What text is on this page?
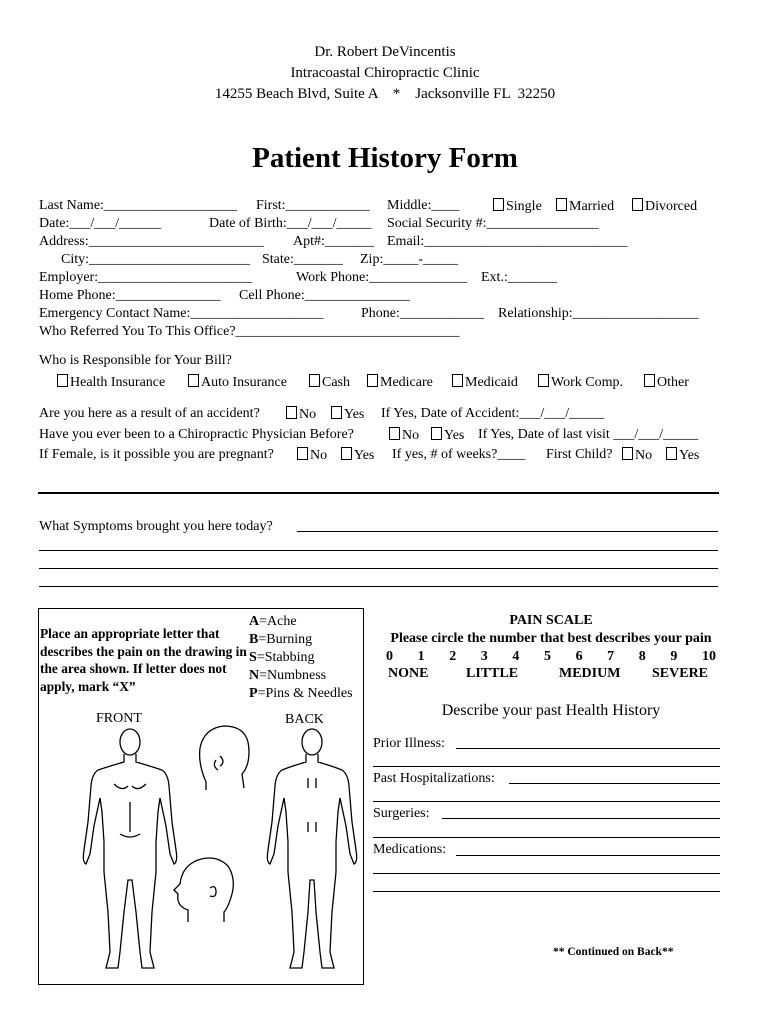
Dr. Robert DeVincentis
Intracoastal Chiropractic Clinic
14255 Beach Blvd, Suite A    *    Jacksonville FL  32250
Patient History Form
Last Name:___________________ First:____________ Middle:____	Single	Married	Divorced
Date:___/___/______	Date of Birth:___/___/_____ Social Security #:________________
Address:_________________________ Apt#:_______ Email:_____________________________
City:_______________________ State:_______ Zip:_____-_____
Employer:______________________	Work Phone:______________ Ext.:_______
Home Phone:_______________ Cell Phone:_______________
Emergency Contact Name:___________________	Phone:____________ Relationship:__________________
Who Referred You To This Office?________________________________
Who is Responsible for Your Bill?
Health Insurance	Auto Insurance	Cash	Medicare	Medicaid	Work Comp.	Other
Are you here as a result of an accident?	No	Yes If Yes, Date of Accident:___/___/_____
Have you ever been to a Chiropractic Physician Before?	No	Yes If Yes, Date of last visit ___/___/_____
If Female, is it possible you are pregnant?	No	Yes If yes, # of weeks?____ First Child?	No	Yes
What Symptoms brought you here today?
Place an appropriate letter that describes the pain on the drawing in the area shown. If letter does not apply, mark “X”
A=Ache
B=Burning
S=Stabbing
N=Numbness
P=Pins & Needles
FRONT	BACK
PAIN SCALE
Please circle the number that best describes your pain
0 1 2 3 4 5 6 7 8 9 10
NONE	LITTLE	MEDIUM SEVERE
Describe your past Health History
Prior Illness:
Past Hospitalizations:
Surgeries:
Medications:
** Continued on Back**
